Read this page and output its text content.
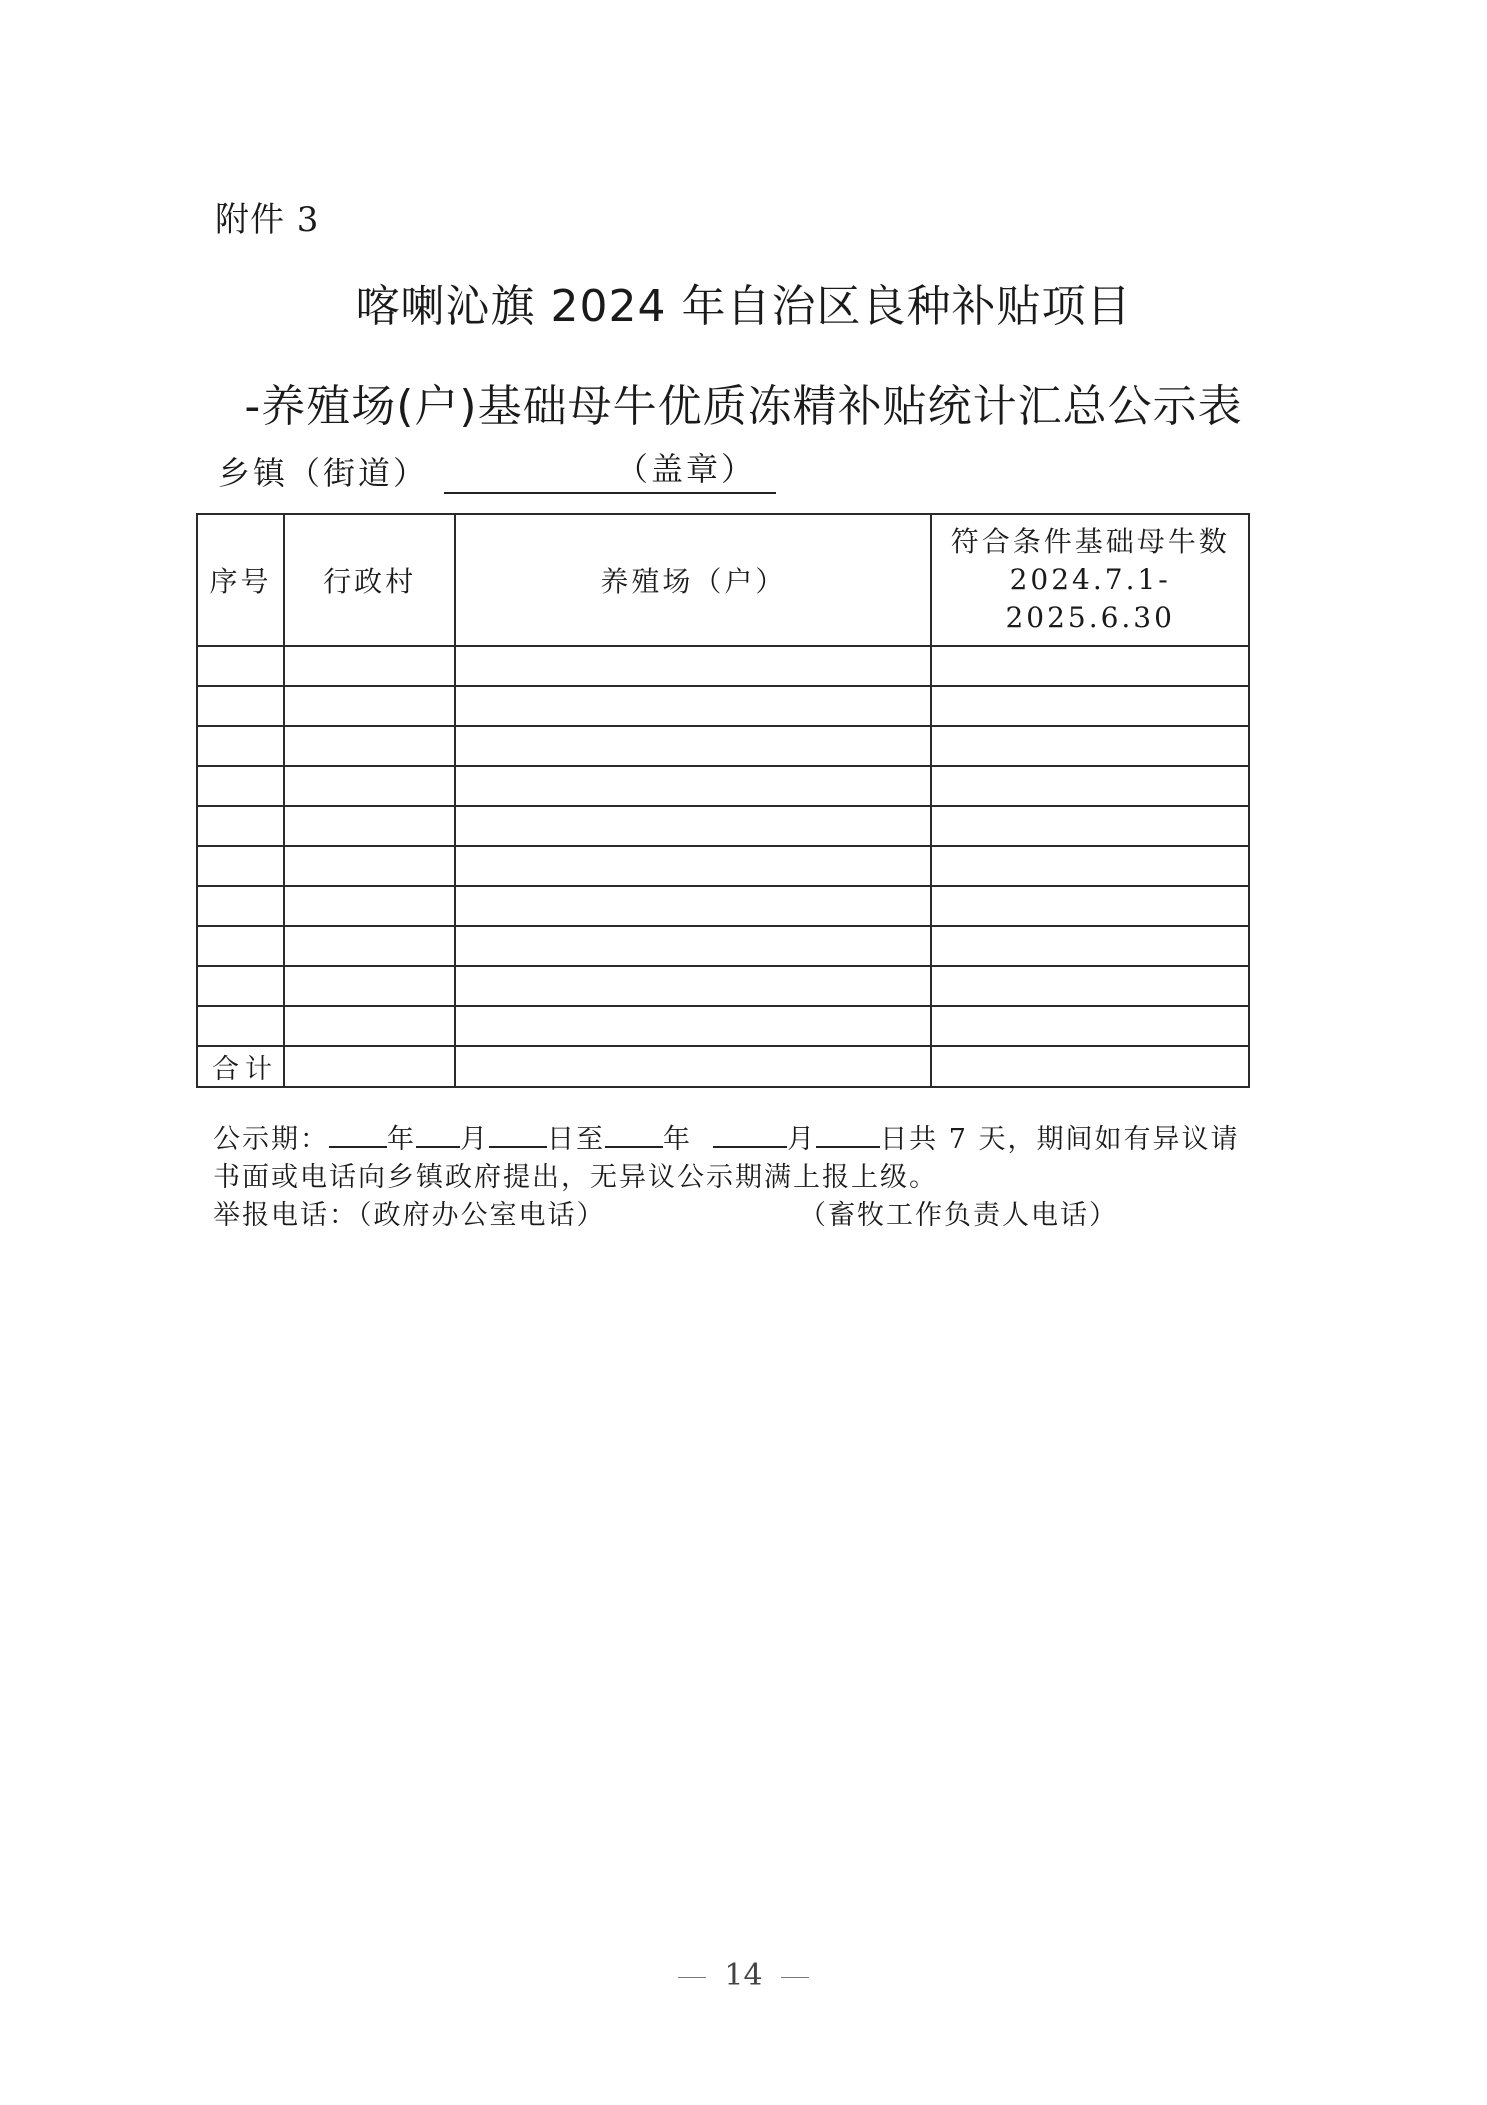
附件 3
喀喇沁旗 2024 年自治区良种补贴项目
-养殖场(户)基础母牛优质冻精补贴统计汇总公示表
乡镇（街道）	（盖章）
序号	行政村	养殖场（户）	符合条件基础母牛数
2024.7.1-2025.6.30

合计			
公示期： 年 月 日至 年	月 日共 7 天，期间如有异议请
书面或电话向乡镇政府提出，无异议公示期满上报上级。
举报电话：（政府办公室电话）	（畜牧工作负责人电话）
14
